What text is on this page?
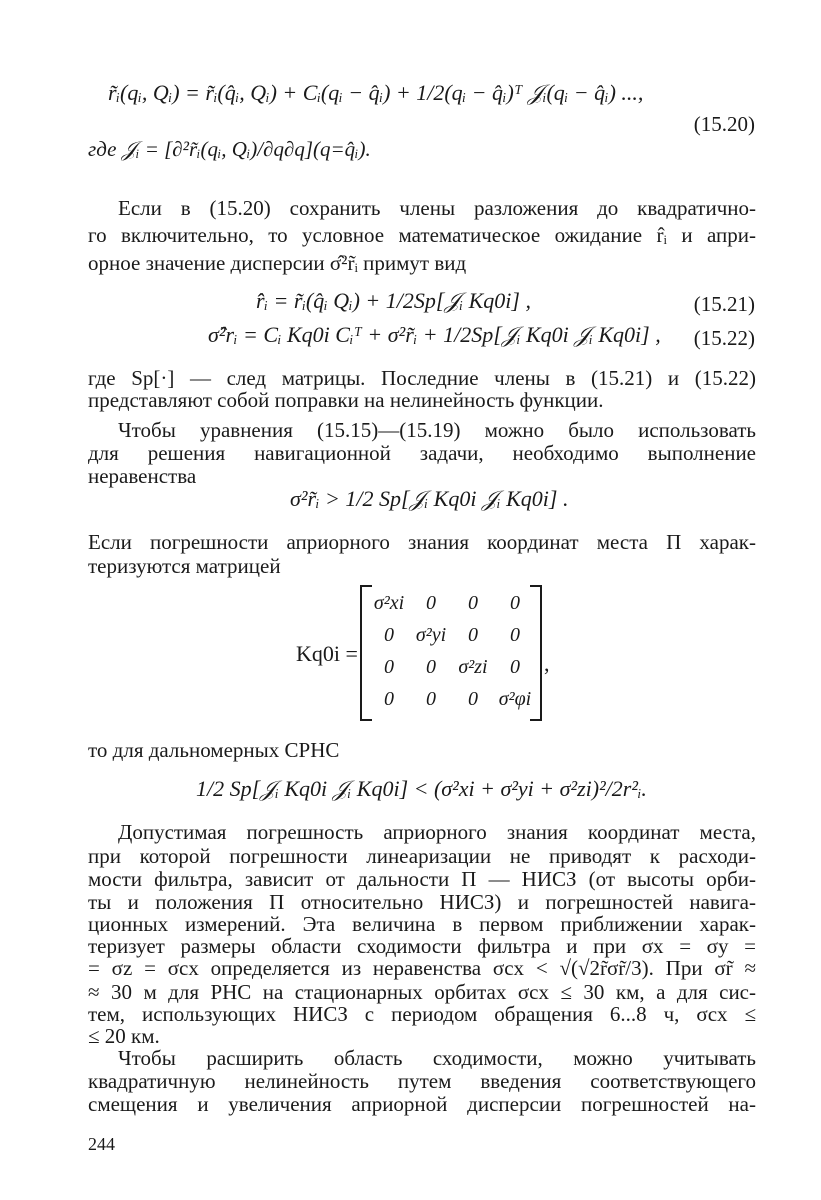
r̃ᵢ(qᵢ, Qᵢ) = r̃ᵢ(q̂ᵢ, Qᵢ) + Cᵢ(qᵢ − q̂ᵢ) + 1/2(qᵢ − q̂ᵢ)ᵀ 𝒥ᵢ(qᵢ − q̂ᵢ) ...,
(15.20)
где 𝒥ᵢ = [∂²r̃ᵢ(qᵢ, Qᵢ)/∂q∂q](q=q̂ᵢ).
Если в (15.20) сохранить члены разложения до квадратично-
го включительно, то условное математическое ожидание r̂ᵢ и апри-
орное значение дисперсии σ̂²r̃ᵢ примут вид
r̂̂ᵢ = r̃ᵢ(q̂ᵢ Qᵢ) + 1/2Sp[𝒥ᵢ Kq0i] ,	(15.21)
σ̂²rᵢ = Cᵢ Kq0i Cᵢᵀ + σ²r̃ᵢ + 1/2Sp[𝒥ᵢ Kq0i 𝒥ᵢ Kq0i] , (15.22)
где Sp[·] — след матрицы. Последние члены в (15.21) и (15.22)
представляют собой поправки на нелинейность функции.
Чтобы уравнения (15.15)—(15.19) можно было использовать
для решения навигационной задачи, необходимо выполнение
неравенства
σ²r̃ᵢ > 1/2 Sp[𝒥ᵢ Kq0i 𝒥ᵢ Kq0i] .
Если погрешности априорного знания координат места П харак-
теризуются матрицей
Kq0i =
σ²xi	0	0	0
0	σ²yi	0	0
0	0	σ²zi	0
0	0	0	σ²φi
,
то для дальномерных СРНС
1/2 Sp[𝒥ᵢ Kq0i 𝒥ᵢ Kq0i] < (σ²xi + σ²yi + σ²zi)²/2r²ᵢ.
Допустимая погрешность априорного знания координат места,
при которой погрешности линеаризации не приводят к расходи-
мости фильтра, зависит от дальности П — НИСЗ (от высоты орби-
ты и положения П относительно НИСЗ) и погрешностей навига-
ционных измерений. Эта величина в первом приближении харак-
теризует размеры области сходимости фильтра и при σx = σy =
= σz = σcx определяется из неравенства σcx < √(√2r̃σr̃/3). При σr̃ ≈
≈ 30 м для РНС на стационарных орбитах σcx ≤ 30 км, а для сис-
тем, использующих НИСЗ с периодом обращения 6...8 ч, σcx ≤
≤ 20 км.
Чтобы расширить область сходимости, можно учитывать
квадратичную нелинейность путем введения соответствующего
смещения и увеличения априорной дисперсии погрешностей на-
244
